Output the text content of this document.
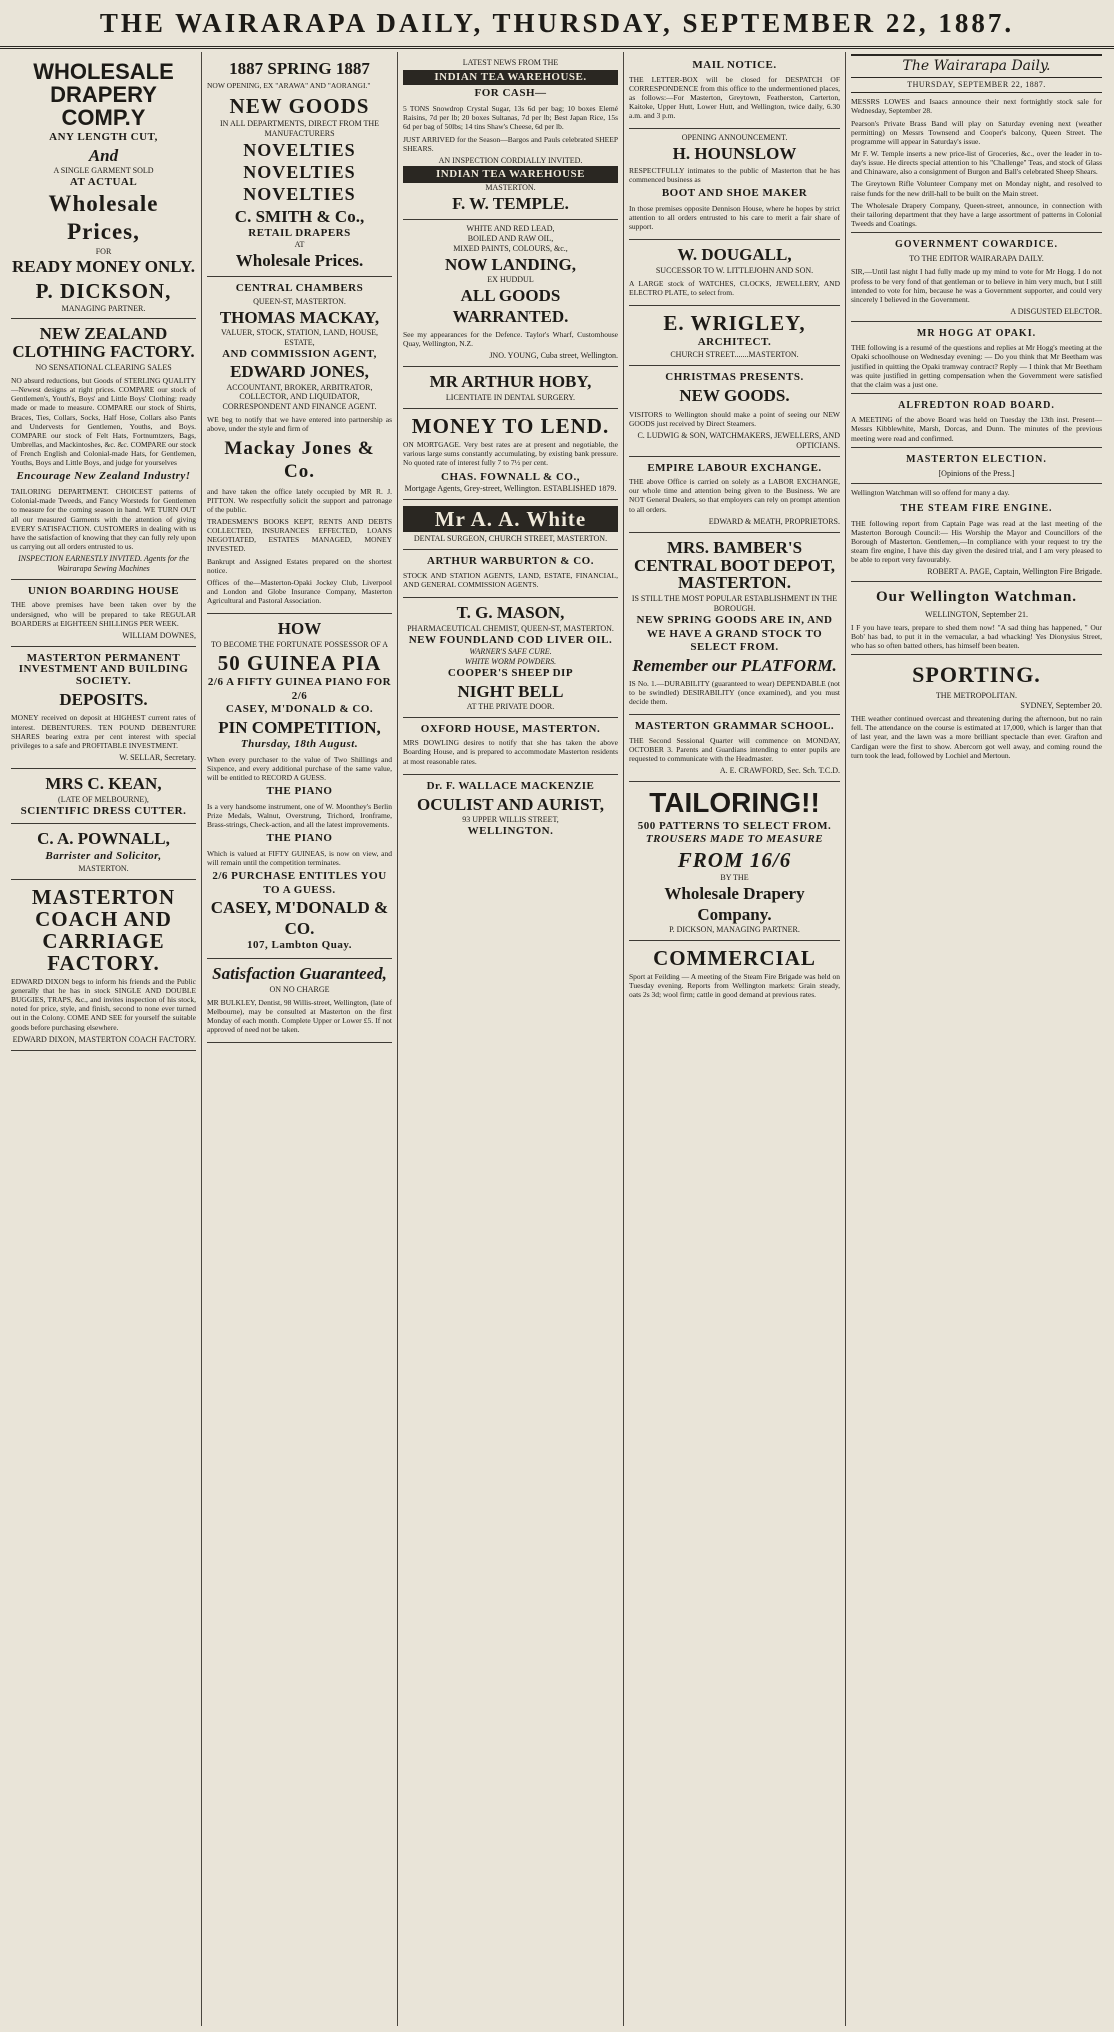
THE WAIRARAPA DAILY, THURSDAY, SEPTEMBER 22, 1887.
WHOLESALE DRAPERY COMP.Y
ANY LENGTH CUT,
And
A SINGLE GARMENT SOLD
AT ACTUAL
Wholesale Prices,
FOR
READY MONEY ONLY.
P. DICKSON,
MANAGING PARTNER.
NEW ZEALAND CLOTHING FACTORY.
NO SENSATIONAL CLEARING SALES
NO absurd reductions, but Goods of STERLING QUALITY—Newest designs at right prices. COMPARE our stock of Gentlemen's, Youth's, Boys' and Little Boys' Clothing: ready made or made to measure. COMPARE our stock of Shirts, Braces, Ties, Collars, Socks, Half Hose, Collars also Pants and Undervests for Gentlemen, Youths, and Boys. COMPARE our stock of Felt Hats, Fortnumtzers, Bags, Umbrellas, and Mackintoshes, &c. &c. COMPARE our stock of French English and Colonial-made Hats, for Gentlemen, Youths, Boys and Little Boys, and judge for yourselves
Encourage New Zealand Industry!
TAILORING DEPARTMENT. CHOICEST patterns of Colonial-made Tweeds, and Fancy Worsteds for Gentlemen to measure for the coming season in hand. WE TURN OUT all our measured Garments with the attention of giving EVERY SATISFACTION. CUSTOMERS in dealing with us have the satisfaction of knowing that they can fully rely upon us carrying out all orders entrusted to us.
INSPECTION EARNESTLY INVITED. Agents for the Wairarapa Sewing Machines
UNION BOARDING HOUSE
THE above premises have been taken over by the undersigned, who will be prepared to take REGULAR BOARDERS at EIGHTEEN SHILLINGS PER WEEK.
WILLIAM DOWNES,
MASTERTON PERMANENT INVESTMENT AND BUILDING SOCIETY.
DEPOSITS.
MONEY received on deposit at HIGHEST current rates of interest. DEBENTURES. TEN POUND DEBENTURE SHARES bearing extra per cent interest with special privileges to a safe and PROFITABLE INVESTMENT.
W. SELLAR, Secretary.
MRS C. KEAN,
(LATE OF MELBOURNE),
SCIENTIFIC DRESS CUTTER.
C. A. POWNALL,
Barrister and Solicitor,
MASTERTON.
MASTERTON COACH AND CARRIAGE FACTORY.
EDWARD DIXON begs to inform his friends and the Public generally that he has in stock SINGLE AND DOUBLE BUGGIES, TRAPS, &c., and invites inspection of his stock, noted for price, style, and finish, second to none ever turned out in the Colony. COME AND SEE for yourself the suitable goods before purchasing elsewhere.
EDWARD DIXON, MASTERTON COACH FACTORY.
1887 SPRING 1887
NOW OPENING, EX "ARAWA" AND "AORANGI."
NEW GOODS
IN ALL DEPARTMENTS, DIRECT FROM THE MANUFACTURERS
NOVELTIES
NOVELTIES
NOVELTIES
C. SMITH & Co.,
RETAIL DRAPERS
AT
Wholesale Prices.
CENTRAL CHAMBERS
QUEEN-ST, MASTERTON.
THOMAS MACKAY,
VALUER, STOCK, STATION, LAND, HOUSE, ESTATE,
AND COMMISSION AGENT,
EDWARD JONES,
ACCOUNTANT, BROKER, ARBITRATOR, COLLECTOR, AND LIQUIDATOR, CORRESPONDENT AND FINANCE AGENT.
WE beg to notify that we have entered into partnership as above, under the style and firm of
Mackay Jones & Co.
and have taken the office lately occupied by MR R. J. PITTON. We respectfully solicit the support and patronage of the public.
TRADESMEN'S BOOKS KEPT, RENTS AND DEBTS COLLECTED, INSURANCES EFFECTED, LOANS NEGOTIATED, ESTATES MANAGED, MONEY INVESTED.
Bankrupt and Assigned Estates prepared on the shortest notice.
Offices of the—Masterton-Opaki Jockey Club, Liverpool and London and Globe Insurance Company, Masterton Agricultural and Pastoral Association.
HOW
TO BECOME THE FORTUNATE POSSESSOR OF A
50 GUINEA PIA
2/6 A FIFTY GUINEA PIANO FOR 2/6
CASEY, M'DONALD & CO.
PIN COMPETITION,
Thursday, 18th August.
When every purchaser to the value of Two Shillings and Sixpence, and every additional purchase of the same value, will be entitled to RECORD A GUESS.
THE PIANO
Is a very handsome instrument, one of W. Moonthey's Berlin Prize Medals, Walnut, Overstrung, Trichord, Ironframe, Brass-strings, Check-action, and all the latest improvements.
THE PIANO
Which is valued at FIFTY GUINEAS, is now on view, and will remain until the competition terminates.
2/6 PURCHASE ENTITLES YOU TO A GUESS.
CASEY, M'DONALD & CO.
107, Lambton Quay.
Satisfaction Guaranteed,
ON NO CHARGE
MR BULKLEY, Dentist, 98 Willis-street, Wellington, (late of Melbourne), may be consulted at Masterton on the first Monday of each month. Complete Upper or Lower £5. If not approved of need not be taken.
LATEST NEWS FROM THE
INDIAN TEA WAREHOUSE.
FOR CASH—
5 TONS Snowdrop Crystal Sugar, 13s 6d per bag; 10 boxes Elemé Raisins, 7d per lb; 20 boxes Sultanas, 7d per lb; Best Japan Rice, 15s 6d per bag of 50lbs; 14 tins Shaw's Cheese, 6d per lb.
JUST ARRIVED for the Season—Bargos and Pauls celebrated SHEEP SHEARS.
AN INSPECTION CORDIALLY INVITED.
INDIAN TEA WAREHOUSE
MASTERTON.
F. W. TEMPLE.
WHITE AND RED LEAD,
BOILED AND RAW OIL,
MIXED PAINTS, COLOURS, &c.,
NOW LANDING,
EX HUDDUL
ALL GOODS WARRANTED.
See my appearances for the Defence. Taylor's Wharf, Customhouse Quay, Wellington, N.Z.
JNO. YOUNG, Cuba street, Wellington.
MR ARTHUR HOBY,
LICENTIATE IN DENTAL SURGERY.
MONEY TO LEND.
ON MORTGAGE. Very best rates are at present and negotiable, the various large sums constantly accumulating, by existing bank pressure. No quoted rate of interest fully 7 to 7½ per cent.
CHAS. FOWNALL & CO.,
Mortgage Agents, Grey-street, Wellington. ESTABLISHED 1879.
Mr A. A. White
DENTAL SURGEON, CHURCH STREET, MASTERTON.
ARTHUR WARBURTON & CO.
STOCK AND STATION AGENTS, LAND, ESTATE, FINANCIAL, AND GENERAL COMMISSION AGENTS.
T. G. MASON,
PHARMACEUTICAL CHEMIST, QUEEN-ST, MASTERTON.
NEW FOUNDLAND COD LIVER OIL.
WARNER'S SAFE CURE.
WHITE WORM POWDERS.
COOPER'S SHEEP DIP
NIGHT BELL
AT THE PRIVATE DOOR.
OXFORD HOUSE, MASTERTON.
MRS DOWLING desires to notify that she has taken the above Boarding House, and is prepared to accommodate Masterton residents at most reasonable rates.
Dr. F. WALLACE MACKENZIE
OCULIST AND AURIST,
93 UPPER WILLIS STREET,
WELLINGTON.
MAIL NOTICE.
THE LETTER-BOX will be closed for DESPATCH OF CORRESPONDENCE from this office to the undermentioned places, as follows:—For Masterton, Greytown, Featherston, Carterton, Kaitoke, Upper Hutt, Lower Hutt, and Wellington, twice daily, 6.30 a.m. and 3 p.m.
OPENING ANNOUNCEMENT.
H. HOUNSLOW
RESPECTFULLY intimates to the public of Masterton that he has commenced business as
BOOT AND SHOE MAKER
In those premises opposite Dennison House, where he hopes by strict attention to all orders entrusted to his care to merit a fair share of support.
W. DOUGALL,
SUCCESSOR TO W. LITTLEJOHN AND SON.
A LARGE stock of WATCHES, CLOCKS, JEWELLERY, AND ELECTRO PLATE, to select from.
E. WRIGLEY,
ARCHITECT.
CHURCH STREET.......MASTERTON.
CHRISTMAS PRESENTS.
NEW GOODS.
VISITORS to Wellington should make a point of seeing our NEW GOODS just received by Direct Steamers.
C. LUDWIG & SON, WATCHMAKERS, JEWELLERS, AND OPTICIANS.
EMPIRE LABOUR EXCHANGE.
THE above Office is carried on solely as a LABOR EXCHANGE, our whole time and attention being given to the Business. We are NOT General Dealers, so that employers can rely on prompt attention to all orders.
EDWARD & MEATH, PROPRIETORS.
MRS. BAMBER'S CENTRAL BOOT DEPOT, MASTERTON.
IS STILL THE MOST POPULAR ESTABLISHMENT IN THE BOROUGH.
NEW SPRING GOODS ARE IN, AND WE HAVE A GRAND STOCK TO SELECT FROM.
Remember our PLATFORM.
IS No. 1.—DURABILITY (guaranteed to wear) DEPENDABLE (not to be swindled) DESIRABILITY (once examined), and you must decide them.
MASTERTON GRAMMAR SCHOOL.
THE Second Sessional Quarter will commence on MONDAY, OCTOBER 3. Parents and Guardians intending to enter pupils are requested to communicate with the Headmaster.
A. E. CRAWFORD, Sec. Sch. T.C.D.
TAILORING!!
500 PATTERNS TO SELECT FROM.
TROUSERS MADE TO MEASURE
FROM 16/6
BY THE
Wholesale Drapery Company.
P. DICKSON, MANAGING PARTNER.
COMMERCIAL
Sport at Feilding — A meeting of the Steam Fire Brigade was held on Tuesday evening. Reports from Wellington markets: Grain steady, oats 2s 3d; wool firm; cattle in good demand at previous rates.
The Wairarapa Daily.
THURSDAY, SEPTEMBER 22, 1887.
MESSRS LOWES and Isaacs announce their next fortnightly stock sale for Wednesday, September 28.
Pearson's Private Brass Band will play on Saturday evening next (weather permitting) on Messrs Townsend and Cooper's balcony, Queen Street. The programme will appear in Saturday's issue.
Mr F. W. Temple inserts a new price-list of Groceries, &c., over the leader in to-day's issue. He directs special attention to his "Challenge" Teas, and stock of Glass and Chinaware, also a consignment of Burgon and Ball's celebrated Sheep Shears.
The Greytown Rifle Volunteer Company met on Monday night, and resolved to raise funds for the new drill-hall to be built on the Main street.
The Wholesale Drapery Company, Queen-street, announce, in connection with their tailoring department that they have a large assortment of patterns in Colonial Tweeds and Coatings.
GOVERNMENT COWARDICE.
TO THE EDITOR WAIRARAPA DAILY.
SIR,—Until last night I had fully made up my mind to vote for Mr Hogg. I do not profess to be very fond of that gentleman or to believe in him very much, but I still intended to vote for him, because he was a Government supporter, and could very sincerely I believed in the Government.
A DISGUSTED ELECTOR.
MR HOGG AT OPAKI.
THE following is a resumé of the questions and replies at Mr Hogg's meeting at the Opaki schoolhouse on Wednesday evening: — Do you think that Mr Beetham was justified in quitting the Opaki tramway contract? Reply — I think that Mr Beetham was quite justified in getting compensation when the Government were satisfied that the claim was a just one.
ALFREDTON ROAD BOARD.
A MEETING of the above Board was held on Tuesday the 13th inst. Present—Messrs Kibblewhite, Marsh, Dorcas, and Dunn. The minutes of the previous meeting were read and confirmed.
MASTERTON ELECTION.
[Opinions of the Press.]
Wellington Watchman will so offend for many a day.
THE STEAM FIRE ENGINE.
THE following report from Captain Page was read at the last meeting of the Masterton Borough Council:— His Worship the Mayor and Councillors of the Borough of Masterton. Gentlemen,—In compliance with your request to try the steam fire engine, I have this day given the desired trial, and I am very pleased to be able to report very favourably.
ROBERT A. PAGE, Captain, Wellington Fire Brigade.
Our Wellington Watchman.
WELLINGTON, September 21.
I F you have tears, prepare to shed them now! "A sad thing has happened, " Our Bob' has bad, to put it in the vernacular, a bad whacking! Yes Dionysius Street, who has so often batted others, has himself been beaten.
SPORTING.
THE METROPOLITAN.
SYDNEY, September 20.
THE weather continued overcast and threatening during the afternoon, but no rain fell. The attendance on the course is estimated at 17,000, which is larger than that of last year, and the lawn was a more brilliant spectacle than ever. Grafton and Cardigan were the first to show. Abercorn got well away, and coming round the turn took the lead, followed by Lochiel and Mertoun.
